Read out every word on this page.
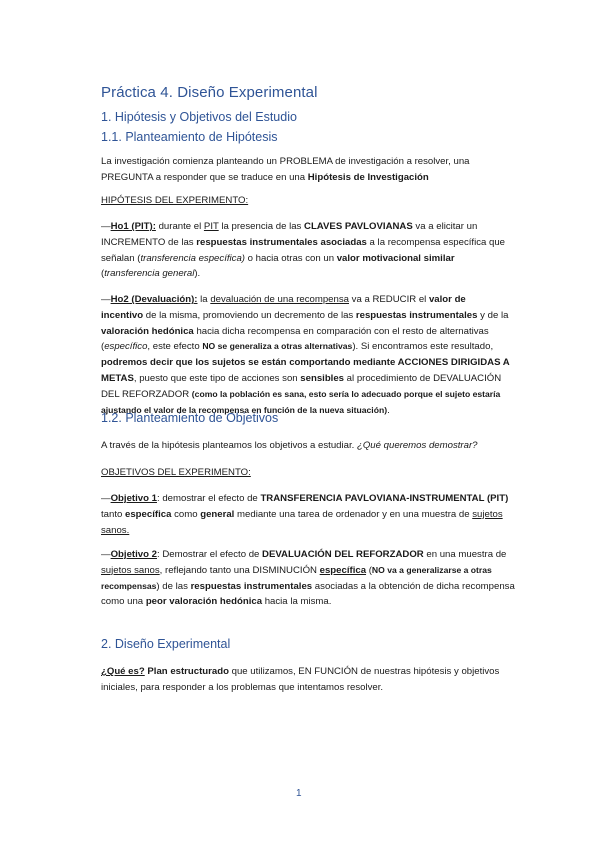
Práctica 4. Diseño Experimental
1. Hipótesis y Objetivos del Estudio
1.1. Planteamiento de Hipótesis
La investigación comienza planteando un PROBLEMA de investigación a resolver, una
PREGUNTA a responder que se traduce en una Hipótesis de Investigación
HIPÓTESIS DEL EXPERIMENTO:
—Ho1 (PIT): durante el PIT la presencia de las CLAVES PAVLOVIANAS va a elicitar un
INCREMENTO de las respuestas instrumentales asociadas a la recompensa específica que
señalan (transferencia específica) o hacia otras con un valor motivacional similar
(transferencia general).
—Ho2 (Devaluación): la devaluación de una recompensa va a REDUCIR el valor de
incentivo de la misma, promoviendo un decremento de las respuestas instrumentales y de la
valoración hedónica hacia dicha recompensa en comparación con el resto de alternativas
(específico, este efecto NO se generaliza a otras alternativas). Si encontramos este resultado,
podremos decir que los sujetos se están comportando mediante ACCIONES DIRIGIDAS A
METAS, puesto que este tipo de acciones son sensibles al procedimiento de DEVALUACIÓN
DEL REFORZADOR (como la población es sana, esto sería lo adecuado porque el sujeto estaría
ajustando el valor de la recompensa en función de la nueva situación).
1.2. Planteamiento de Objetivos
A través de la hipótesis planteamos los objetivos a estudiar. ¿Qué queremos demostrar?
OBJETIVOS DEL EXPERIMENTO:
—Objetivo 1: demostrar el efecto de TRANSFERENCIA PAVLOVIANA-INSTRUMENTAL (PIT)
tanto específica como general mediante una tarea de ordenador y en una muestra de sujetos
sanos.
—Objetivo 2: Demostrar el efecto de DEVALUACIÓN DEL REFORZADOR en una muestra de
sujetos sanos, reflejando tanto una DISMINUCIÓN específica (NO va a generalizarse a otras
recompensas) de las respuestas instrumentales asociadas a la obtención de dicha recompensa
como una peor valoración hedónica hacia la misma.
2. Diseño Experimental
¿Qué es? Plan estructurado que utilizamos, EN FUNCIÓN de nuestras hipótesis y objetivos
iniciales, para responder a los problemas que intentamos resolver.
1
